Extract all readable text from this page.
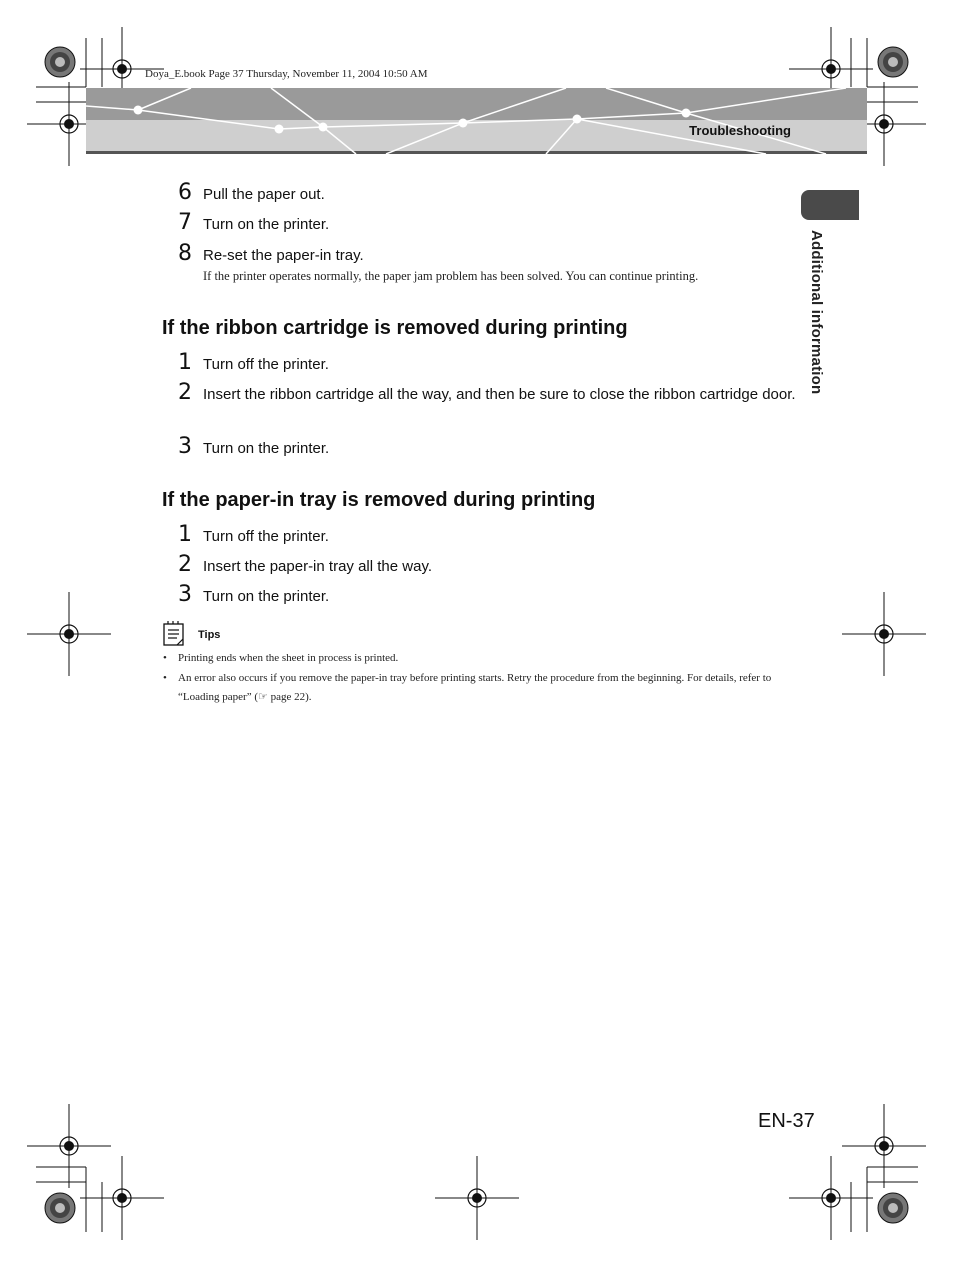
Doya_E.book Page 37 Thursday, November 11, 2004 10:50 AM
Troubleshooting
Additional information
6 Pull the paper out.
7 Turn on the printer.
8 Re-set the paper-in tray.
If the printer operates normally, the paper jam problem has been solved. You can continue printing.
If the ribbon cartridge is removed during printing
1 Turn off the printer.
2 Insert the ribbon cartridge all the way, and then be sure to close the ribbon cartridge door.
3 Turn on the printer.
If the paper-in tray is removed during printing
1 Turn off the printer.
2 Insert the paper-in tray all the way.
3 Turn on the printer.
Tips
•	Printing ends when the sheet in process is printed.
•	An error also occurs if you remove the paper-in tray before printing starts. Retry the procedure from the beginning. For details, refer to “Loading paper” (☞ page 22).
EN-37
